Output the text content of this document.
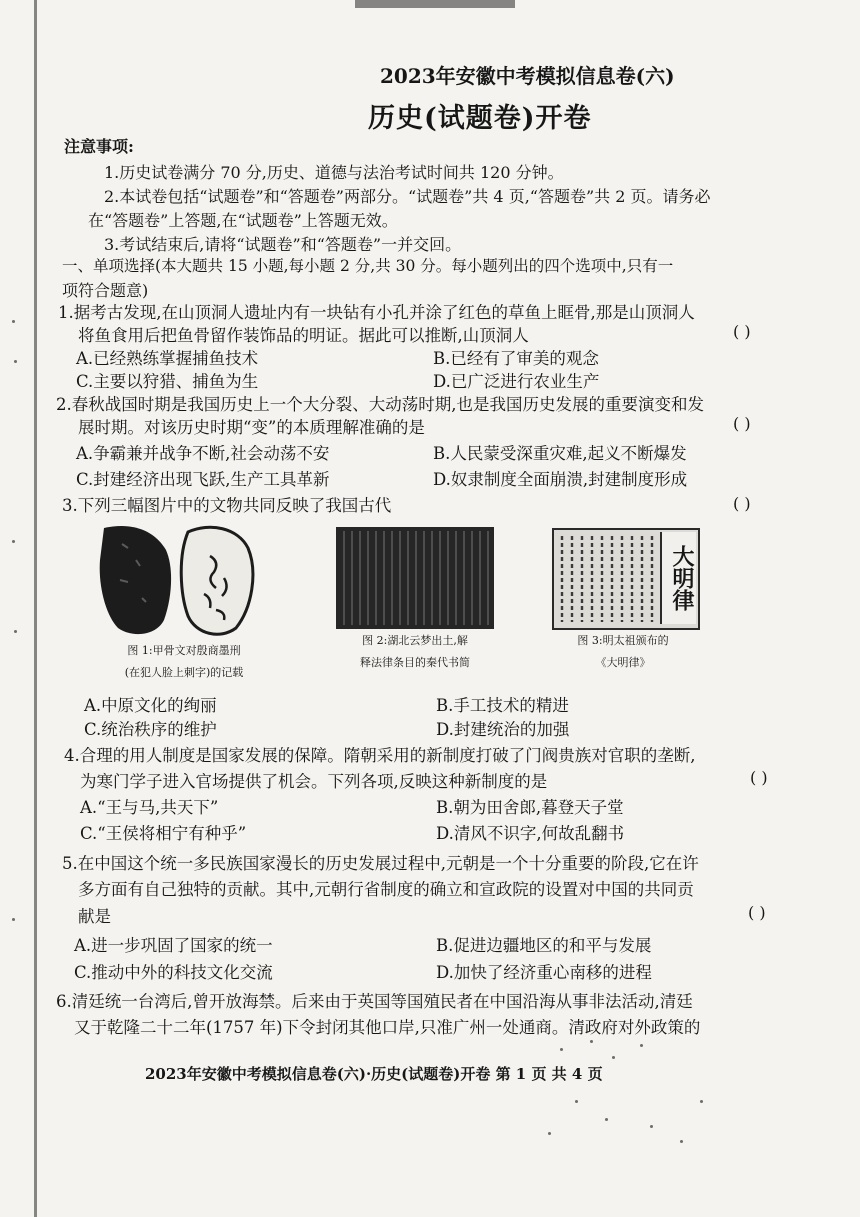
2023年安徽中考模拟信息卷(六)
历史(试题卷)开卷
注意事项:
1.历史试卷满分 70 分,历史、道德与法治考试时间共 120 分钟。
2.本试卷包括“试题卷”和“答题卷”两部分。“试题卷”共 4 页,“答题卷”共 2 页。请务必
在“答题卷”上答题,在“试题卷”上答题无效。
3.考试结束后,请将“试题卷”和“答题卷”一并交回。
一、单项选择(本大题共 15 小题,每小题 2 分,共 30 分。每小题列出的四个选项中,只有一
项符合题意)
1.据考古发现,在山顶洞人遗址内有一块钻有小孔并涂了红色的草鱼上眶骨,那是山顶洞人
将鱼食用后把鱼骨留作装饰品的明证。据此可以推断,山顶洞人	( )
A.已经熟练掌握捕鱼技术	B.已经有了审美的观念
C.主要以狩猎、捕鱼为生	D.已广泛进行农业生产
2.春秋战国时期是我国历史上一个大分裂、大动荡时期,也是我国历史发展的重要演变和发
展时期。对该历史时期“变”的本质理解准确的是	( )
A.争霸兼并战争不断,社会动荡不安	B.人民蒙受深重灾难,起义不断爆发
C.封建经济出现飞跃,生产工具革新	D.奴隶制度全面崩溃,封建制度形成
3.下列三幅图片中的文物共同反映了我国古代	( )
图 1:甲骨文对殷商墨刑
(在犯人脸上刺字)的记载
图 2:湖北云梦出土,解
释法律条目的秦代书简
大明律
图 3:明太祖颁布的
《大明律》
A.中原文化的绚丽	B.手工技术的精进
C.统治秩序的维护	D.封建统治的加强
4.合理的用人制度是国家发展的保障。隋朝采用的新制度打破了门阀贵族对官职的垄断,
为寒门学子进入官场提供了机会。下列各项,反映这种新制度的是	( )
A.“王与马,共天下”	B.朝为田舍郎,暮登天子堂
C.“王侯将相宁有种乎”	D.清风不识字,何故乱翻书
5.在中国这个统一多民族国家漫长的历史发展过程中,元朝是一个十分重要的阶段,它在许
多方面有自己独特的贡献。其中,元朝行省制度的确立和宣政院的设置对中国的共同贡
献是	( )
A.进一步巩固了国家的统一	B.促进边疆地区的和平与发展
C.推动中外的科技文化交流	D.加快了经济重心南移的进程
6.清廷统一台湾后,曾开放海禁。后来由于英国等国殖民者在中国沿海从事非法活动,清廷
又于乾隆二十二年(1757 年)下令封闭其他口岸,只准广州一处通商。清政府对外政策的
2023年安徽中考模拟信息卷(六)·历史(试题卷)开卷 第 1 页 共 4 页
